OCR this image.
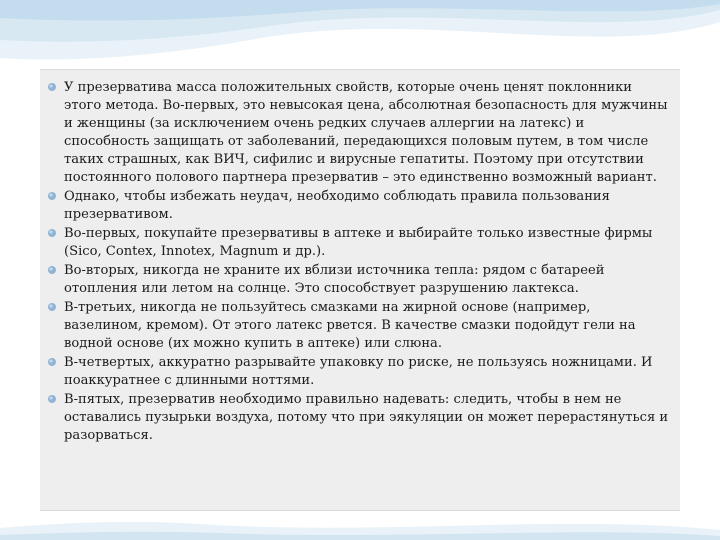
У презерватива масса положительных свойств, которые очень ценят поклонники этого метода. Во-первых, это невысокая цена, абсолютная безопасность для мужчины и женщины (за исключением очень редких случаев аллергии на латекс) и способность защищать от заболеваний, передающихся половым путем, в том числе таких страшных, как ВИЧ, сифилис и вирусные гепатиты. Поэтому при отсутствии постоянного полового партнера презерватив – это единственно возможный вариант.
Однако, чтобы избежать неудач, необходимо соблюдать правила пользования презервативом.
Во-первых, покупайте презервативы в аптеке и выбирайте только известные фирмы (Sico, Contex, Innotex, Magnum и др.).
Во-вторых, никогда не храните их вблизи источника тепла: рядом с батареей отопления или летом на солнце. Это способствует разрушению лактекса.
В-третьих, никогда не пользуйтесь смазками на жирной основе (например, вазелином, кремом). От этого латекс рвется. В качестве смазки подойдут гели на водной основе (их можно купить в аптеке) или слюна.
В-четвертых, аккуратно разрывайте упаковку по риске, не пользуясь ножницами. И поаккуратнее с длинными ноттями.
В-пятых, презерватив необходимо правильно надевать: следить, чтобы в нем не оставались пузырьки воздуха, потому что при эякуляции он может перерастянуться и разорваться.
